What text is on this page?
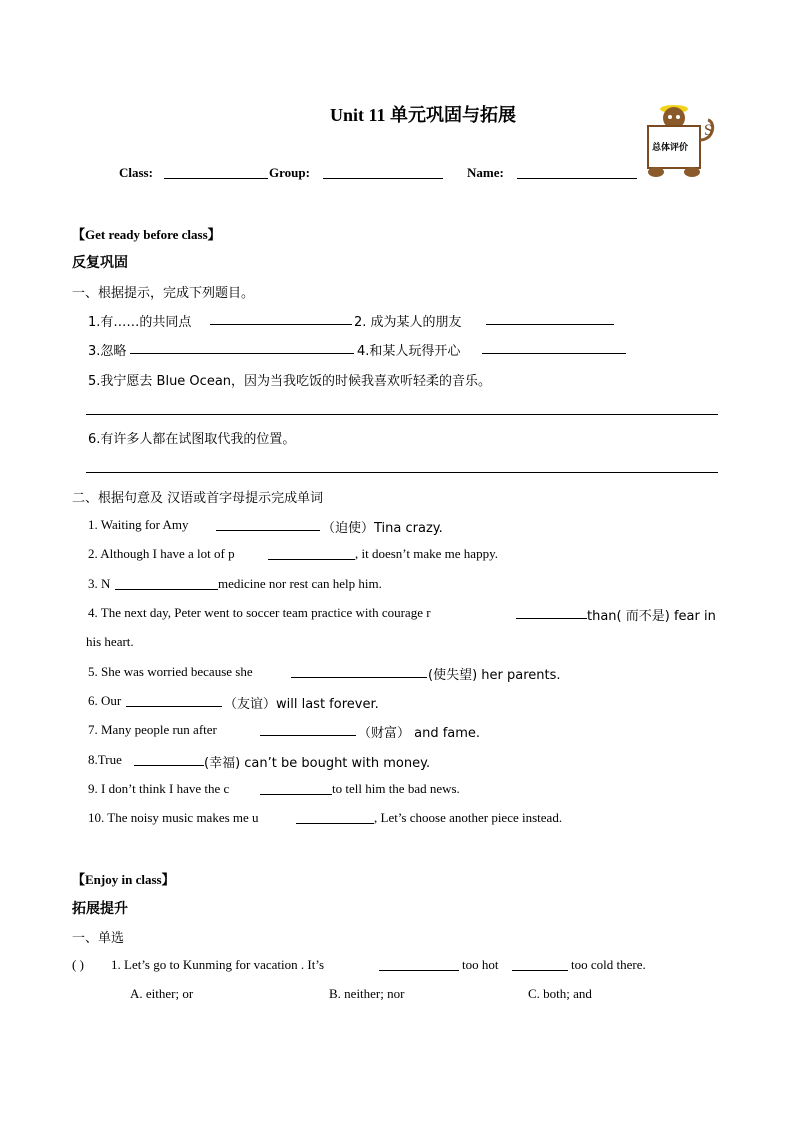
Unit 11 单元巩固与拓展
总体评价
S
Class:	Group:	Name:
【Get ready before class】
反复巩固
一、根据提示，完成下列题目。
1.有……的共同点	2. 成为某人的朋友
3.忽略	4.和某人玩得开心
5.我宁愿去 Blue Ocean，因为当我吃饭的时候我喜欢听轻柔的音乐。
6.有许多人都在试图取代我的位置。
二、根据句意及 汉语或首字母提示完成单词
1. Waiting for Amy	（迫使）Tina crazy.
2. Although I have a lot of p	, it doesn’t make me happy.
3. N	medicine nor rest can help him.
4. The next day, Peter went to soccer team practice with courage r	than( 而不是) fear in
his heart.
5. She was worried because she	(使失望) her parents.
6. Our	（友谊）will last forever.
7. Many people run after	（财富） and fame.
8.True	(幸福) can’t be bought with money.
9. I don’t think I have the c	to tell him the bad news.
10. The noisy music makes me u	, Let’s choose another piece instead.
【Enjoy in class】
拓展提升
一、单选
( ) 1. Let’s go to Kunming for vacation . It’s	too hot	too cold there.
A. either; or	B. neither; nor	C. both; and
